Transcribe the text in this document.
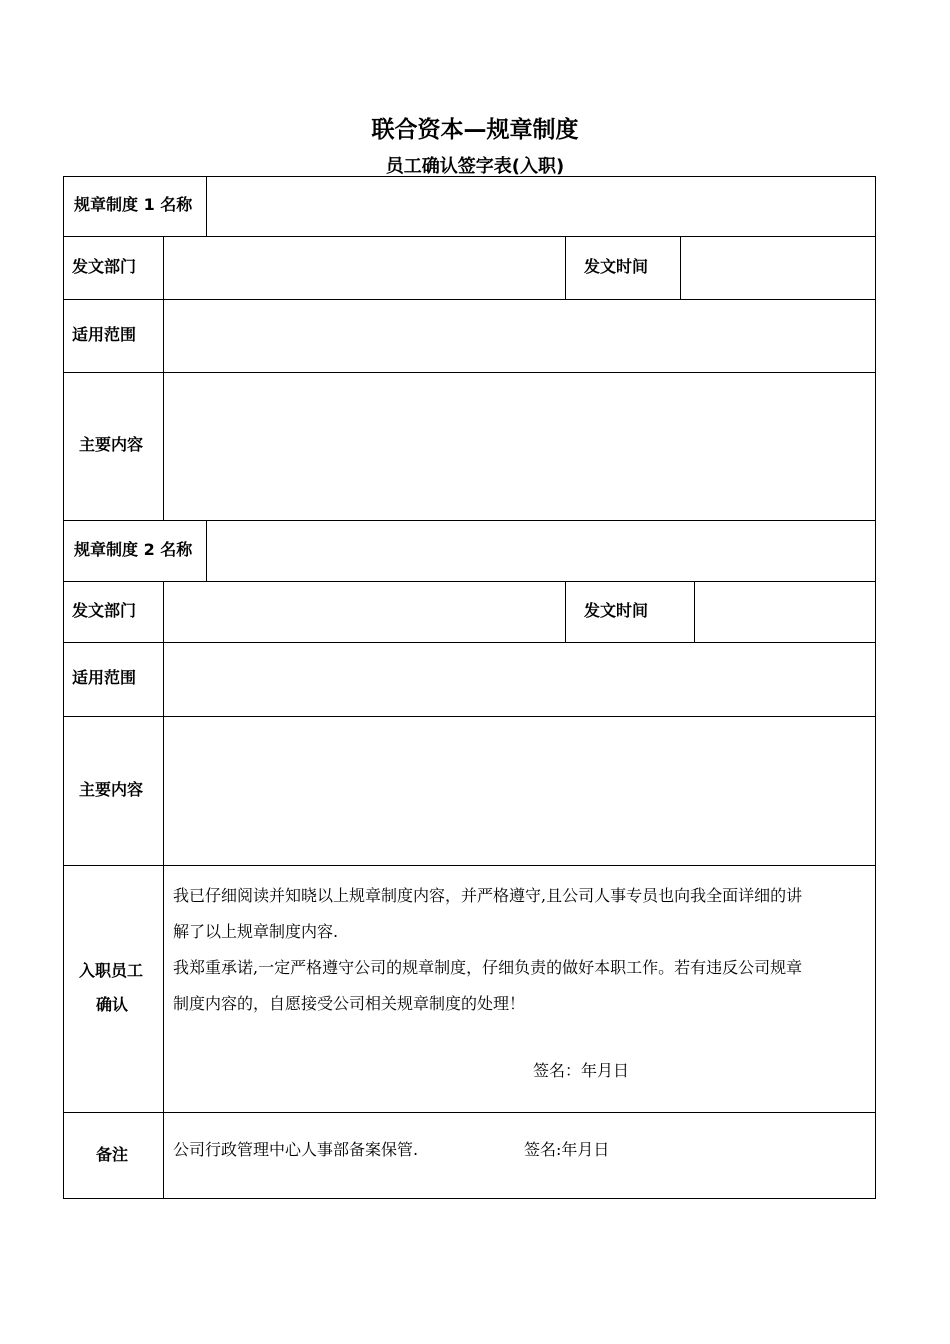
联合资本—规章制度
员工确认签字表(入职)
规章制度 1 名称
发文部门	发文时间
适用范围
主要内容
规章制度 2 名称
发文部门	发文时间
适用范围
主要内容
入职员工
确认
我已仔细阅读并知晓以上规章制度内容，并严格遵守,且公司人事专员也向我全面详细的讲
解了以上规章制度内容.
我郑重承诺,一定严格遵守公司的规章制度，仔细负责的做好本职工作。若有违反公司规章
制度内容的，自愿接受公司相关规章制度的处理！
签名：年月日
备注	公司行政管理中心人事部备案保管.	签名:年月日
